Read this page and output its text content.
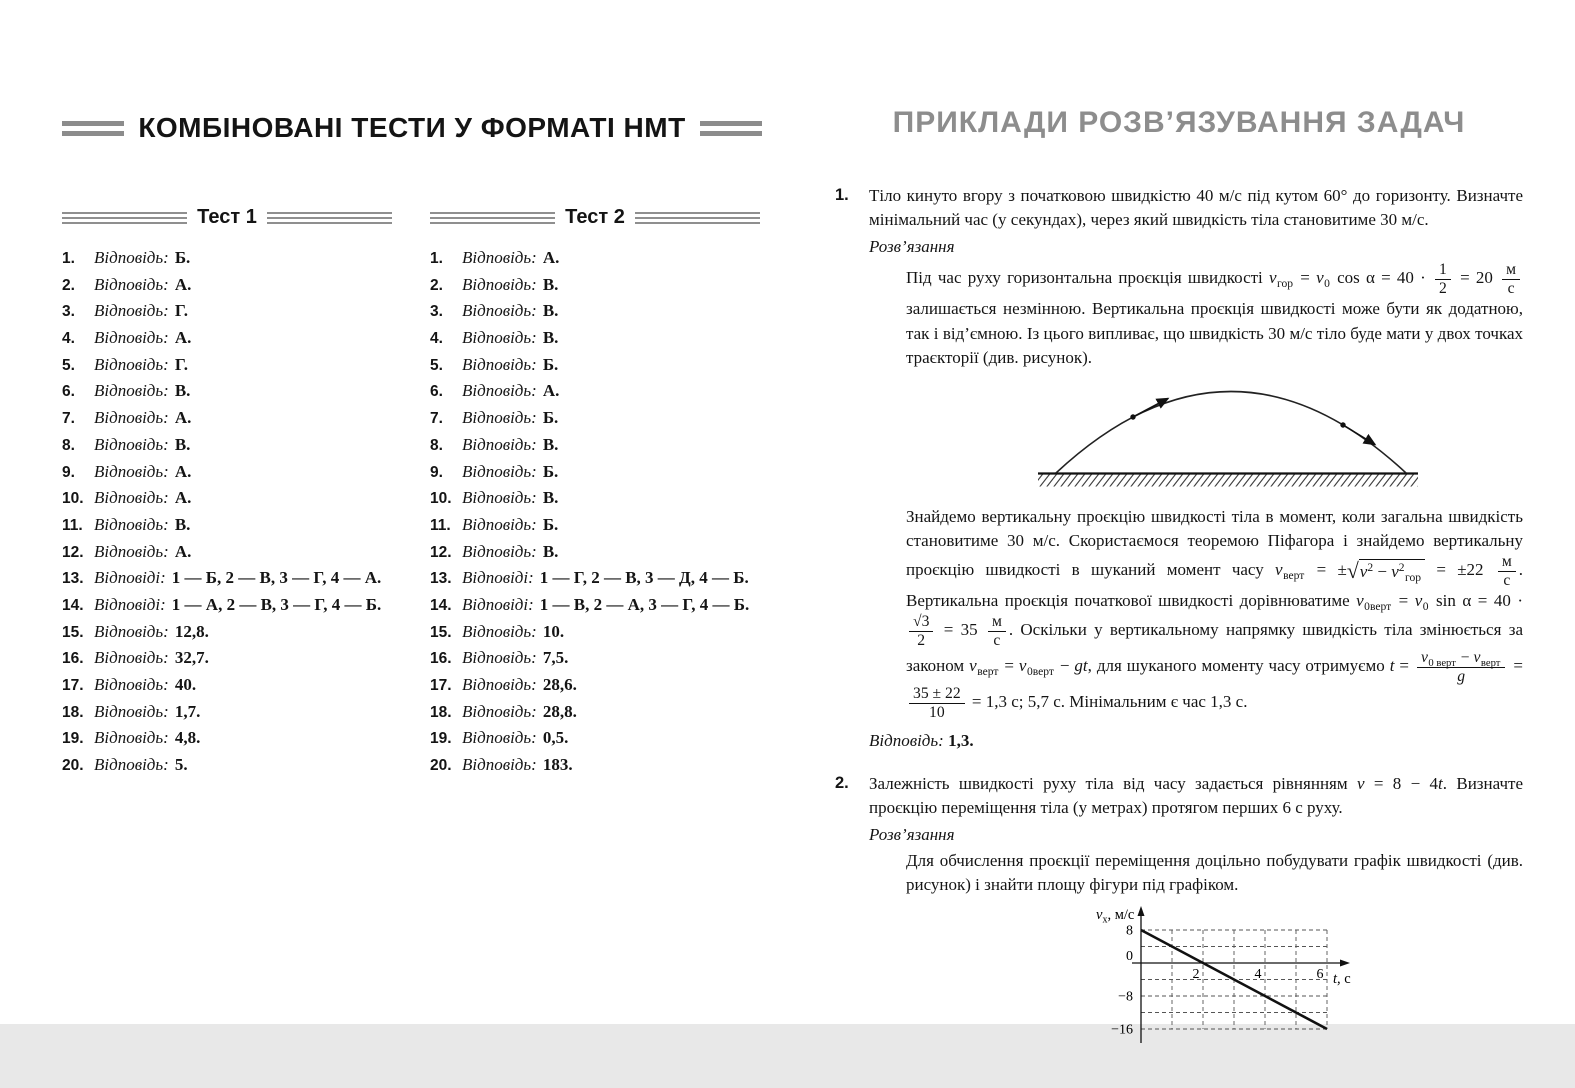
КОМБІНОВАНІ ТЕСТИ У ФОРМАТІ НМТ
Тест 1
1.	Відповідь: Б.
2.	Відповідь: А.
3.	Відповідь: Г.
4.	Відповідь: А.
5.	Відповідь: Г.
6.	Відповідь: В.
7.	Відповідь: А.
8.	Відповідь: В.
9.	Відповідь: А.
10. Відповідь: А.
11. Відповідь: В.
12. Відповідь: А.
13. Відповіді: 1 — Б, 2 — В, 3 — Г, 4 — А.
14. Відповіді: 1 — А, 2 — В, 3 — Г, 4 — Б.
15. Відповідь: 12,8.
16. Відповідь: 32,7.
17. Відповідь: 40.
18. Відповідь: 1,7.
19. Відповідь: 4,8.
20. Відповідь: 5.
Тест 2
1.	Відповідь: А.
2.	Відповідь: В.
3.	Відповідь: В.
4.	Відповідь: В.
5.	Відповідь: Б.
6.	Відповідь: А.
7.	Відповідь: Б.
8.	Відповідь: В.
9.	Відповідь: Б.
10. Відповідь: В.
11. Відповідь: Б.
12. Відповідь: В.
13. Відповіді: 1 — Г, 2 — В, 3 — Д, 4 — Б.
14. Відповіді: 1 — В, 2 — А, 3 — Г, 4 — Б.
15. Відповідь: 10.
16. Відповідь: 7,5.
17. Відповідь: 28,6.
18. Відповідь: 28,8.
19. Відповідь: 0,5.
20. Відповідь: 183.
ПРИКЛАДИ РОЗВ’ЯЗУВАННЯ ЗАДАЧ
1.	Тіло кинуто вгору з початковою швидкістю 40 м/с під кутом 60° до горизонту. Визначте мінімальний час (у секундах), через який швидкість тіла становитиме 30 м/с.

Розв’язання

Під час руху горизонтальна проєкція швидкості $v_{гор} = v_0$ $\cos \alpha = 40 \cdot \frac{1}{2} = 20 \frac{м}{с}$
залишається незмінною. Вертикальна проєкція швидкості може бути як додатною, так і від’ємною. Із цього випливає, що швидкість 30 м/с тіло буде мати у двох точках траєкторії (див. рисунок).

Знайдемо вертикальну проєкцію швидкості тіла в момент, коли загальна швидкість становитиме 30 м/с. Скористаємося теоремою Піфагора і знайдемо вертикальну проєкцію швидкості в шуканий момент часу $v_{верт} = \pm√v^2 - v^2_{гор} = \pm 22 \frac{м}{с}$ . Вертикальна проєкція початкової швидкості дорівнюватиме $v_{0верт} = v_0$ sin α = 40 ·
$\frac{√3}{2} = 35 \frac{м}{с}$ . Оскільки у вертикальному напрямку швидкість тіла змінюється за законом $v_{верт} = v_{0верт}$ − gt, для шуканого моменту часу отримуємо $t = \frac{v_{0 верт} - v_{верт}}{g}$ =
$\frac{35 \pm 22}{10} = 1,3$ с; 5,7 с. Мінімальним є час 1,3 с.

Відповідь: 1,3.

2.	Залежність швидкості руху тіла від часу задається рівнянням v = 8 − 4t. Визначте проєкцію переміщення тіла (у метрах) протягом перших 6 с руху.

Розв’язання

Для обчислення проєкції переміщення доцільно побудувати графік швидкості (див. рисунок) і знайти площу фігури під графіком.

8
0
−8
−16
2	4	6
$v_x$, м/с
t, с
